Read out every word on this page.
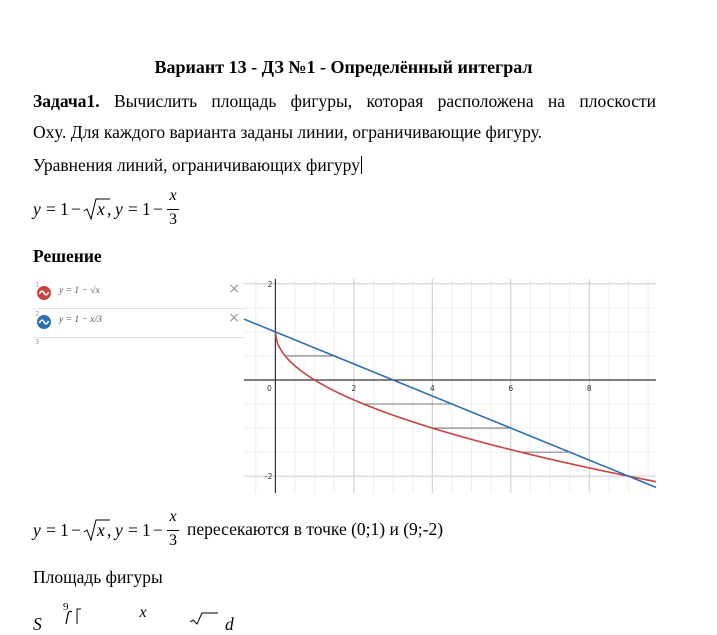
Вариант 13 - ДЗ №1 - Определённый интеграл
Задача1. Вычислить площадь фигуры, которая расположена на плоскости
Oxy. Для каждого варианта заданы линии, ограничивающие фигуру.
Уравнения линий, ограничивающих фигуру
y = 1 − x , y = 1 −
x
3
Решение
1
y = 1 − √x	×
2
y = 1 − x/3	×
3
0	2	4	6	8
-2
2
y = 1 − x , y = 1 −
x
3
пересекаются в точке (0;1) и (9;-2)
Площадь фигуры
S
9	x
d
